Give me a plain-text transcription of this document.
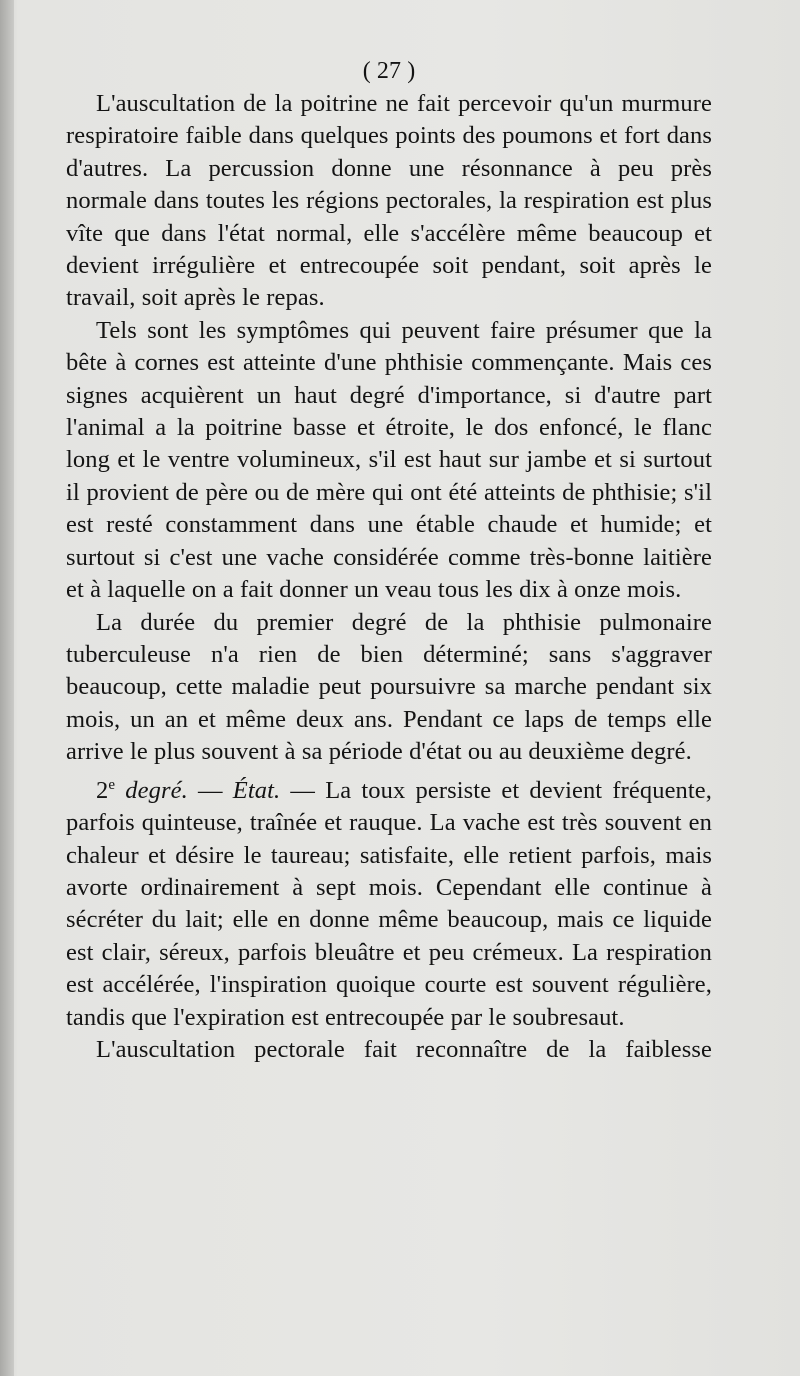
( 27 )

L'auscultation de la poitrine ne fait percevoir qu'un murmure respiratoire faible dans quelques points des poumons et fort dans d'autres. La percussion donne une résonnance à peu près normale dans toutes les régions pectorales, la respiration est plus vîte que dans l'état normal, elle s'accélère même beaucoup et devient irrégulière et entrecoupée soit pendant, soit après le travail, soit après le repas.

Tels sont les symptômes qui peuvent faire présumer que la bête à cornes est atteinte d'une phthisie commençante. Mais ces signes acquièrent un haut degré d'importance, si d'autre part l'animal a la poitrine basse et étroite, le dos enfoncé, le flanc long et le ventre volumineux, s'il est haut sur jambe et si surtout il provient de père ou de mère qui ont été atteints de phthisie; s'il est resté constamment dans une étable chaude et humide; et surtout si c'est une vache considérée comme très-bonne laitière et à laquelle on a fait donner un veau tous les dix à onze mois.

La durée du premier degré de la phthisie pulmonaire tuberculeuse n'a rien de bien déterminé; sans s'aggraver beaucoup, cette maladie peut poursuivre sa marche pendant six mois, un an et même deux ans. Pendant ce laps de temps elle arrive le plus souvent à sa période d'état ou au deuxième degré.

2e degré. — État. — La toux persiste et devient fréquente, parfois quinteuse, traînée et rauque. La vache est très souvent en chaleur et désire le taureau; satisfaite, elle retient parfois, mais avorte ordinairement à sept mois. Cependant elle continue à sécréter du lait; elle en donne même beaucoup, mais ce liquide est clair, séreux, parfois bleuâtre et peu crémeux. La respiration est accélérée, l'inspiration quoique courte est souvent régulière, tandis que l'expiration est entrecoupée par le soubresaut.

L'auscultation pectorale fait reconnaître de la faiblesse
